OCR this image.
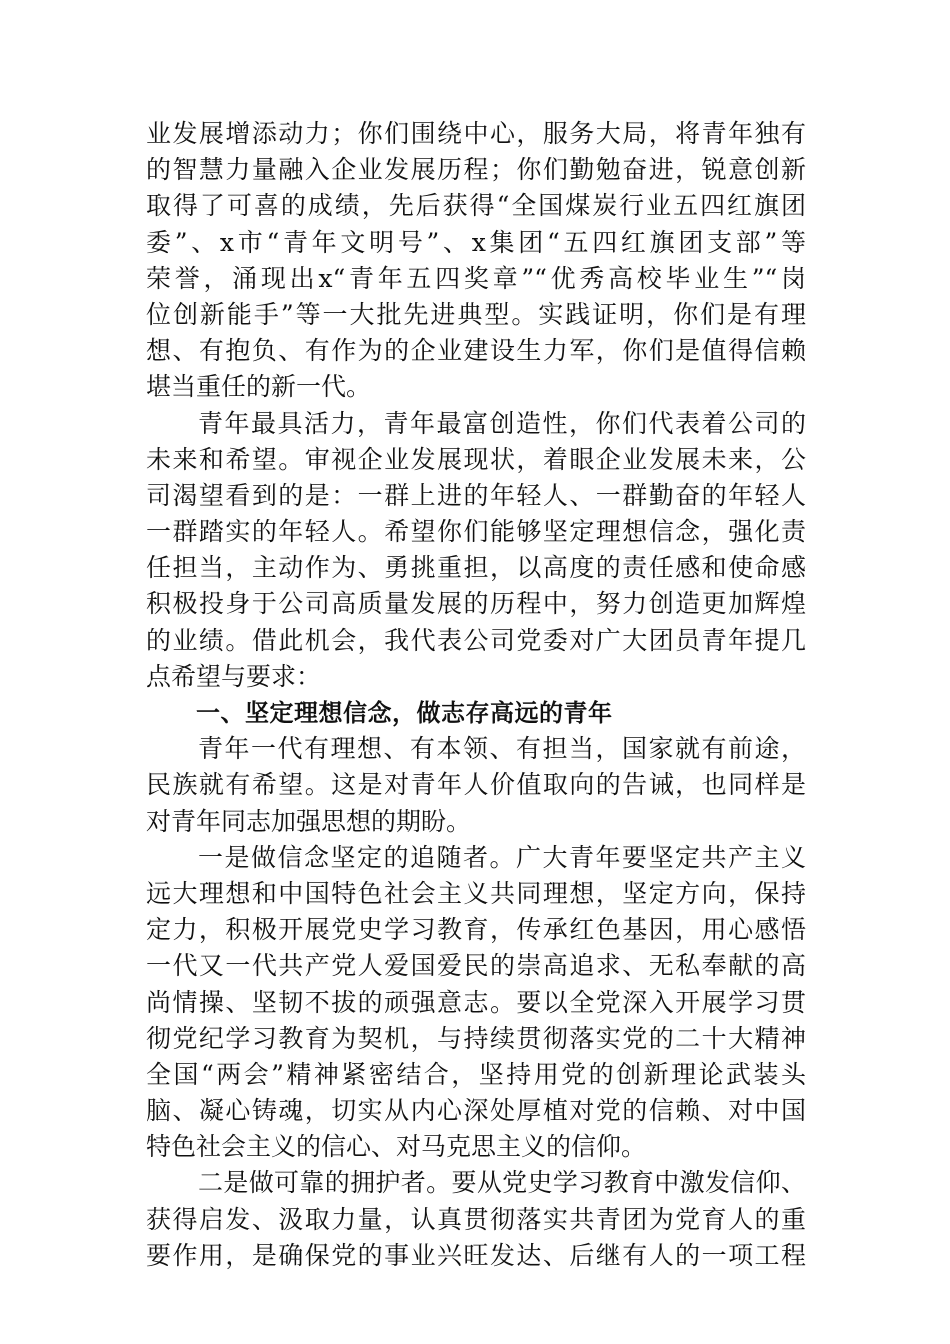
业发展增添动力；你们围绕中心，服务大局，将青年独有
的智慧力量融入企业发展历程；你们勤勉奋进，锐意创新
取得了可喜的成绩，先后获得“全国煤炭行业五四红旗团
委”、x市“青年文明号”、x集团“五四红旗团支部”等
荣誉，涌现出x“青年五四奖章”“优秀高校毕业生”“岗
位创新能手”等一大批先进典型。实践证明，你们是有理
想、有抱负、有作为的企业建设生力军，你们是值得信赖
堪当重任的新一代。
青年最具活力，青年最富创造性，你们代表着公司的
未来和希望。审视企业发展现状，着眼企业发展未来，公
司渴望看到的是：一群上进的年轻人、一群勤奋的年轻人
一群踏实的年轻人。希望你们能够坚定理想信念，强化责
任担当，主动作为、勇挑重担，以高度的责任感和使命感
积极投身于公司高质量发展的历程中，努力创造更加辉煌
的业绩。借此机会，我代表公司党委对广大团员青年提几
点希望与要求：
一、坚定理想信念，做志存高远的青年
青年一代有理想、有本领、有担当，国家就有前途，
民族就有希望。这是对青年人价值取向的告诫，也同样是
对青年同志加强思想的期盼。
一是做信念坚定的追随者。广大青年要坚定共产主义
远大理想和中国特色社会主义共同理想，坚定方向，保持
定力，积极开展党史学习教育，传承红色基因，用心感悟
一代又一代共产党人爱国爱民的崇高追求、无私奉献的高
尚情操、坚韧不拔的顽强意志。要以全党深入开展学习贯
彻党纪学习教育为契机，与持续贯彻落实党的二十大精神
全国“两会”精神紧密结合，坚持用党的创新理论武装头
脑、凝心铸魂，切实从内心深处厚植对党的信赖、对中国
特色社会主义的信心、对马克思主义的信仰。
二是做可靠的拥护者。要从党史学习教育中激发信仰、
获得启发、汲取力量，认真贯彻落实共青团为党育人的重
要作用，是确保党的事业兴旺发达、后继有人的一项工程
